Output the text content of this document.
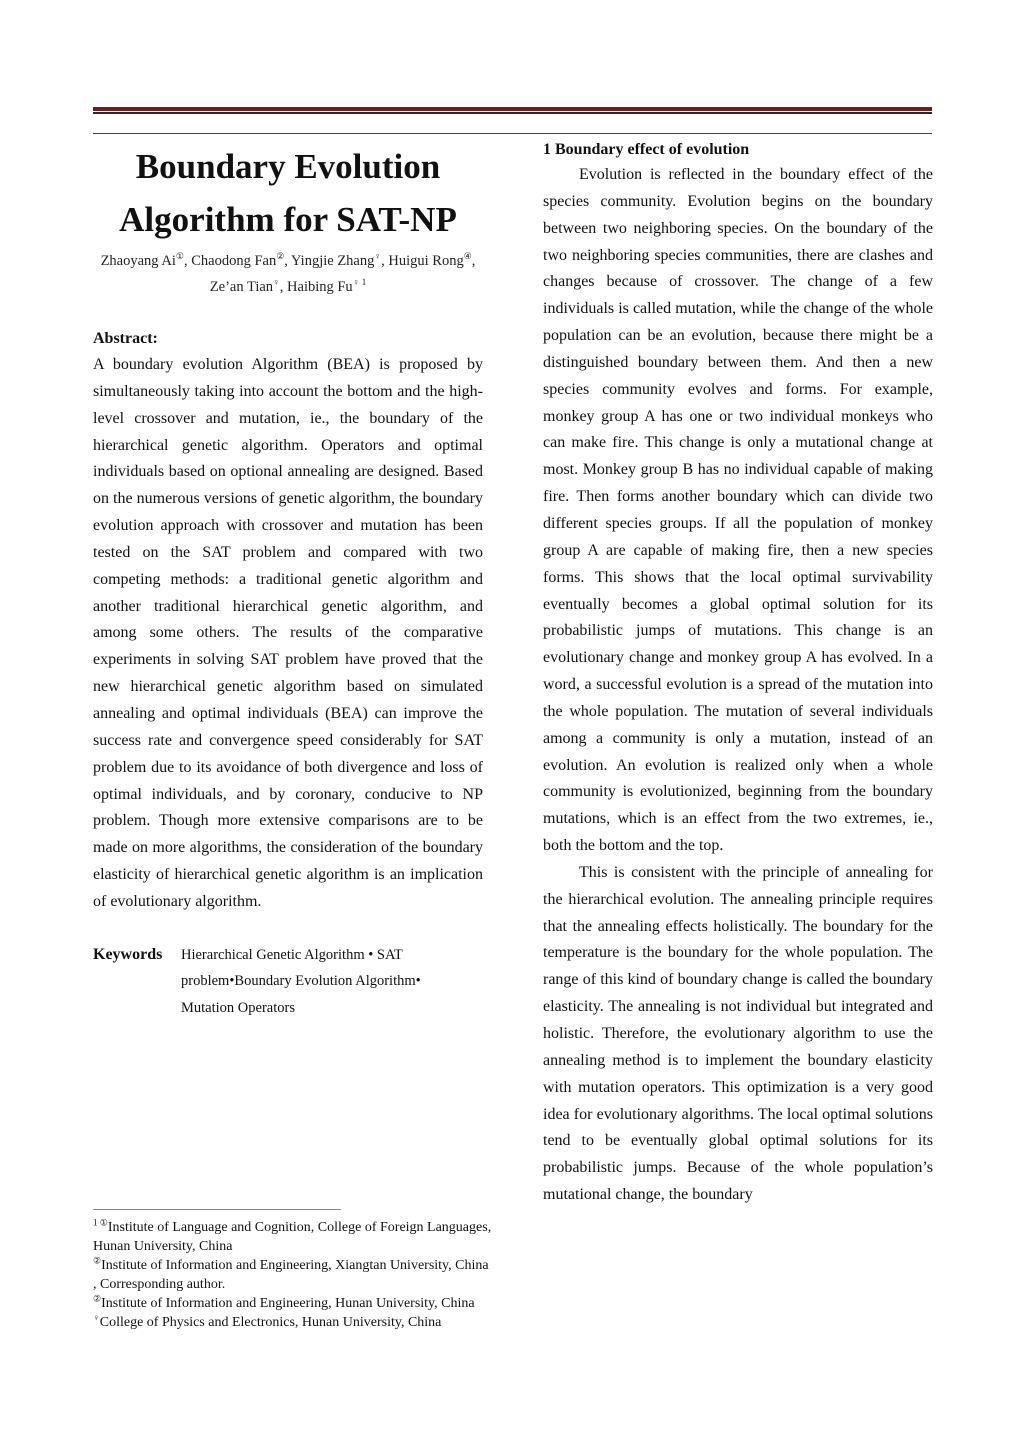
Boundary Evolution
Algorithm for SAT-NP
Zhaoyang Ai①, Chaodong Fan②, Yingjie Zhang♀, Huigui Rong④, Ze’an Tian♀, Haibing $Fu^{♀ 1}$
Abstract:

A boundary evolution Algorithm (BEA) is proposed by simultaneously taking into account the bottom and the high-level crossover and mutation, ie., the boundary of the hierarchical genetic algorithm. Operators and optimal individuals based on optional annealing are designed. Based on the numerous versions of genetic algorithm, the boundary evolution approach with crossover and mutation has been tested on the SAT problem and compared with two competing methods: a traditional genetic algorithm and another traditional hierarchical genetic algorithm, and among some others. The results of the comparative experiments in solving SAT problem have proved that the new hierarchical genetic algorithm based on simulated annealing and optimal individuals (BEA) can improve the success rate and convergence speed considerably for SAT problem due to its avoidance of both divergence and loss of optimal individuals, and by coronary, conducive to NP problem. Though more extensive comparisons are to be made on more algorithms, the consideration of the boundary elasticity of hierarchical genetic algorithm is an implication of evolutionary algorithm.

Keywords	Hierarchical Genetic Algorithm • SAT problem•Boundary Evolution Algorithm• Mutation Operators

$^{1 ①}$Institute of Language and Cognition, College of Foreign Languages, Hunan University, China

②Institute of Information and Engineering, Xiangtan University, China , Corresponding author.

②Institute of Information and Engineering, Hunan University, China

♀College of Physics and Electronics, Hunan University, China

1 Boundary effect of evolution

Evolution is reflected in the boundary effect of the species community. Evolution begins on the boundary between two neighboring species. On the boundary of the two neighboring species communities, there are clashes and changes because of crossover. The change of a few individuals is called mutation, while the change of the whole population can be an evolution, because there might be a distinguished boundary between them. And then a new species community evolves and forms. For example, monkey group A has one or two individual monkeys who can make fire. This change is only a mutational change at most. Monkey group B has no individual capable of making fire. Then forms another boundary which can divide two different species groups. If all the population of monkey group A are capable of making fire, then a new species forms. This shows that the local optimal survivability eventually becomes a global optimal solution for its probabilistic jumps of mutations. This change is an evolutionary change and monkey group A has evolved. In a word, a successful evolution is a spread of the mutation into the whole population. The mutation of several individuals among a community is only a mutation, instead of an evolution. An evolution is realized only when a whole community is evolutionized, beginning from the boundary mutations, which is an effect from the two extremes, ie., both the bottom and the top.

This is consistent with the principle of annealing for the hierarchical evolution. The annealing principle requires that the annealing effects holistically. The boundary for the temperature is the boundary for the whole population. The range of this kind of boundary change is called the boundary elasticity. The annealing is not individual but integrated and holistic. Therefore, the evolutionary algorithm to use the annealing method is to implement the boundary elasticity with mutation operators. This optimization is a very good idea for evolutionary algorithms. The local optimal solutions tend to be eventually global optimal solutions for its probabilistic jumps. Because of the whole population’s mutational change, the boundary
